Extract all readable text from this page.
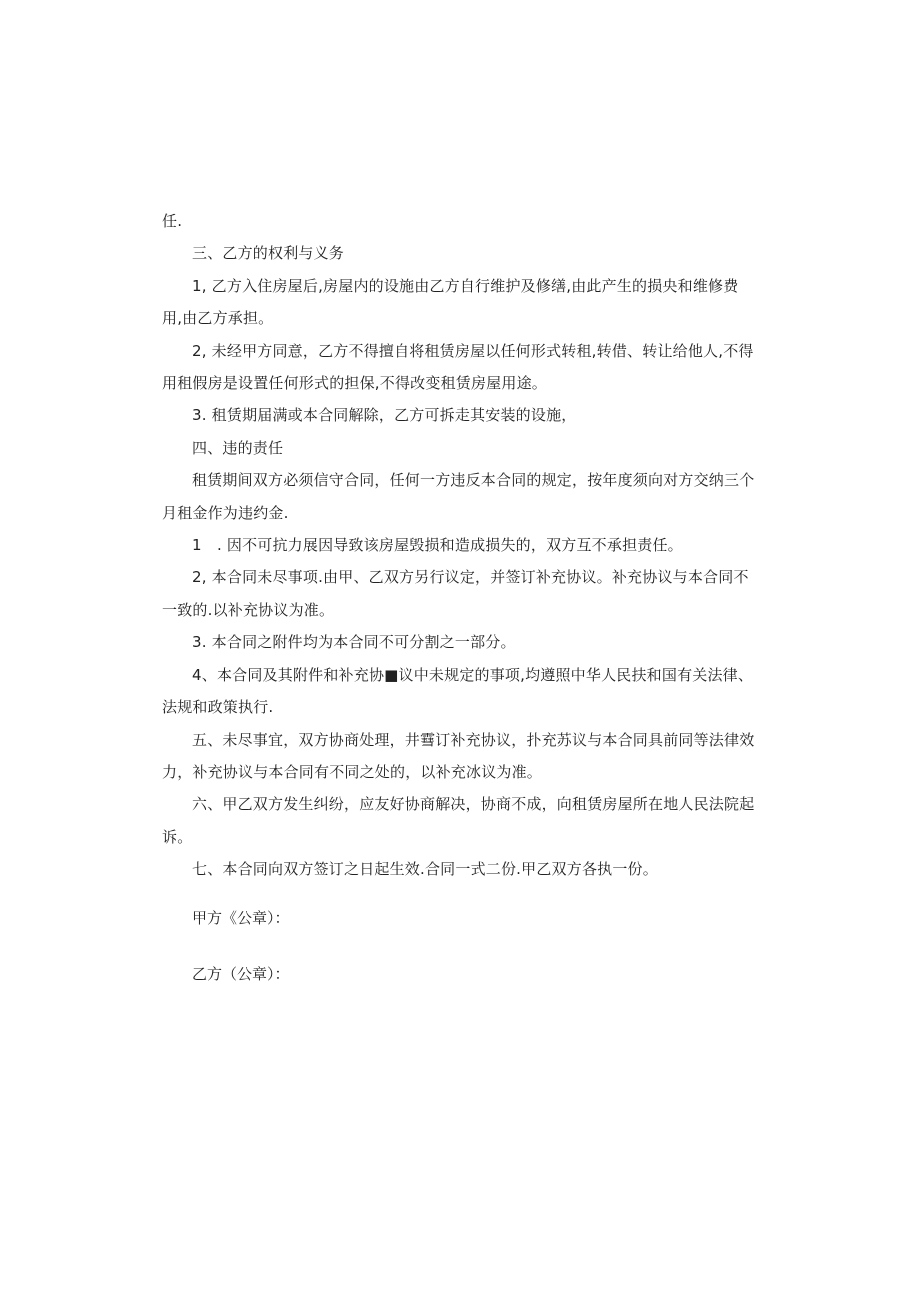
任.

三、乙方的权利与义务

1, 乙方入住房屋后,房屋内的设施由乙方自行维护及修缮,由此产生的损央和维修费用,由乙方承担。

2, 未经甲方同意，乙方不得擅自将租赁房屋以任何形式转租,转借、转让给他人,不得用租假房是设置任何形式的担保,不得改变租赁房屋用途。

3. 租赁期届满或本合同解除，乙方可拆走其安装的设施，

四、违的责任

租赁期间双方必须信守合同，任何一方违反本合同的规定，按年度须向对方交纳三个月租金作为违约金.

1　. 因不可抗力展因导致该房屋毁损和造成损失的，双方互不承担责任。

2, 本合同未尽事项.由甲、乙双方另行议定，并签订补充协议。补充协议与本合同不一致的.以补充协议为准。

3. 本合同之附件均为本合同不可分割之一部分。

4、本合同及其附件和补充协■议中未规定的事项,均遵照中华人民扶和国有关法律、法规和政策执行.

五、未尽事宜，双方协商处理，井䨮订补充协议，扑充苏议与本合同具前同等法律效力，补充协议与本合同有不同之处的，以补充冰议为准。

六、甲乙双方发生纠纷，应友好协商解决，协商不成，向租赁房屋所在地人民法院起诉。

七、本合同向双方签订之日起生效.合同一式二份.甲乙双方各执一份。

甲方《公章）：

乙方（公章）：
